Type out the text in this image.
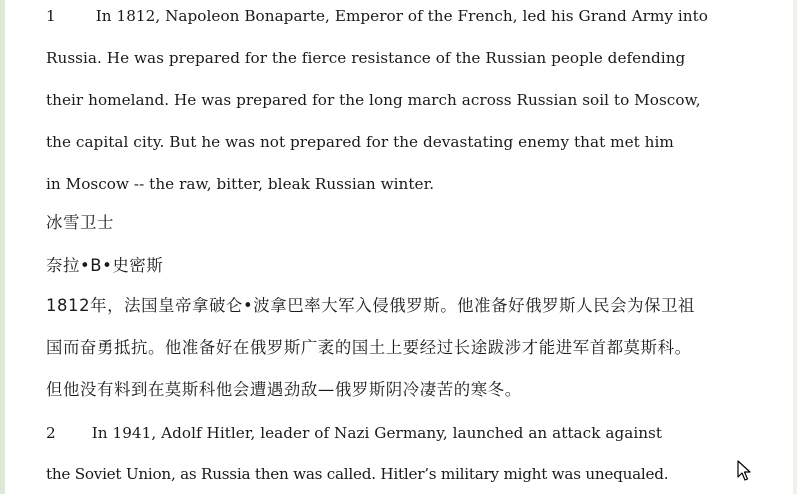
1	In 1812, Napoleon Bonaparte, Emperor of the French, led his Grand Army into
Russia. He was prepared for the fierce resistance of the Russian people defending
their homeland. He was prepared for the long march across Russian soil to Moscow,
the capital city. But he was not prepared for the devastating enemy that met him
in Moscow -- the raw, bitter, bleak Russian winter.
冰雪卫士
奈拉•B•史密斯
1812年，法国皇帝拿破仑•波拿巴率大军入侵俄罗斯。他准备好俄罗斯人民会为保卫祖
国而奋勇抵抗。他准备好在俄罗斯广袤的国土上要经过长途跋涉才能进军首都莫斯科。
但他没有料到在莫斯科他会遭遇劲敌—俄罗斯阴冷凄苦的寒冬。
2 In 1941, Adolf Hitler, leader of Nazi Germany, launched an attack against
the Soviet Union, as Russia then was called. Hitler’s military might was unequaled.
